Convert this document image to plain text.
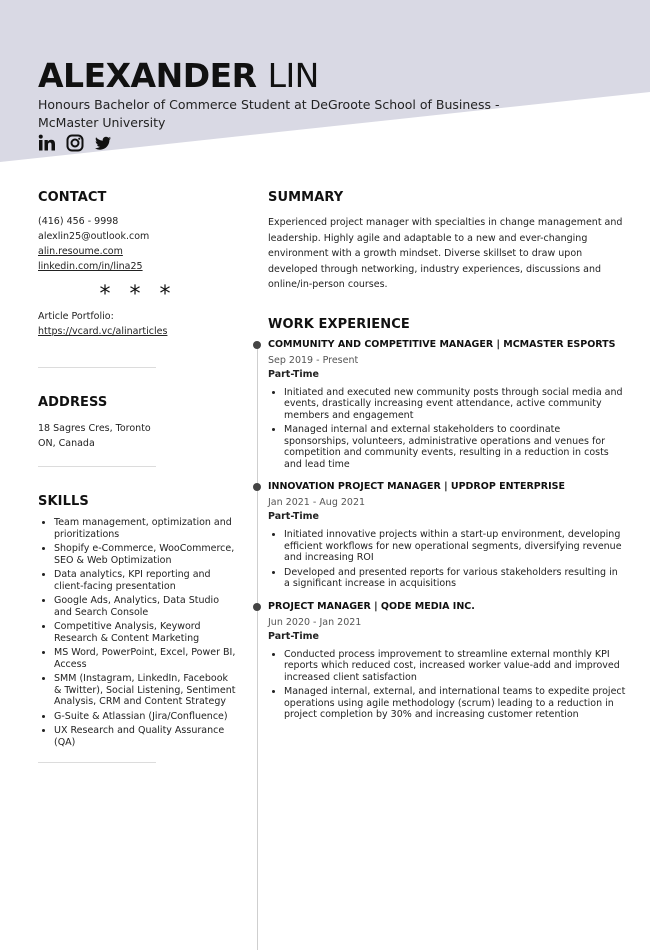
ALEXANDER LIN
Honours Bachelor of Commerce Student at DeGroote School of Business - McMaster University
CONTACT
(416) 456 - 9998
alexlin25@outlook.com
alin.resoume.com
linkedin.com/in/lina25
* * *
Article Portfolio:
https://vcard.vc/alinarticles
ADDRESS
18 Sagres Cres, Toronto
ON, Canada
SKILLS
• Team management, optimization and prioritizations
• Shopify e-Commerce, WooCommerce, SEO & Web Optimization
• Data analytics, KPI reporting and client-facing presentation
• Google Ads, Analytics, Data Studio and Search Console
• Competitive Analysis, Keyword Research & Content Marketing
• MS Word, PowerPoint, Excel, Power BI, Access
• SMM (Instagram, LinkedIn, Facebook & Twitter), Social Listening, Sentiment Analysis, CRM and Content Strategy
• G-Suite & Atlassian (Jira/Confluence)
• UX Research and Quality Assurance (QA)
SUMMARY
Experienced project manager with specialties in change management and leadership. Highly agile and adaptable to a new and ever-changing environment with a growth mindset. Diverse skillset to draw upon developed through networking, industry experiences, discussions and online/in-person courses.
WORK EXPERIENCE
COMMUNITY AND COMPETITIVE MANAGER | MCMASTER ESPORTS
Sep 2019 - Present
Part-Time
• Initiated and executed new community posts through social media and events, drastically increasing event attendance, active community members and engagement
• Managed internal and external stakeholders to coordinate sponsorships, volunteers, administrative operations and venues for competition and community events, resulting in a reduction in costs and lead time
INNOVATION PROJECT MANAGER | UPDROP ENTERPRISE
Jan 2021 - Aug 2021
Part-Time
• Initiated innovative projects within a start-up environment, developing efficient workflows for new operational segments, diversifying revenue and increasing ROI
• Developed and presented reports for various stakeholders resulting in a significant increase in acquisitions
PROJECT MANAGER | QODE MEDIA INC.
Jun 2020 - Jan 2021
Part-Time
• Conducted process improvement to streamline external monthly KPI reports which reduced cost, increased worker value-add and improved increased client satisfaction
• Managed internal, external, and international teams to expedite project operations using agile methodology (scrum) leading to a reduction in project completion by 30% and increasing customer retention
